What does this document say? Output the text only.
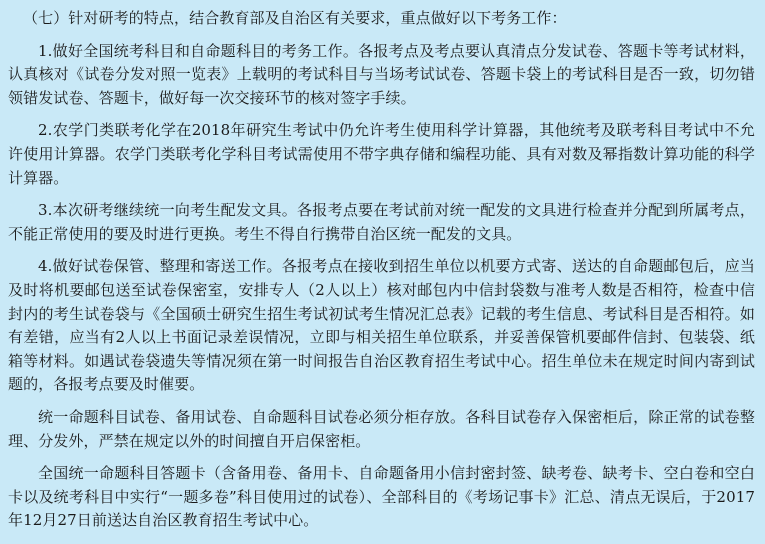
（七）针对研考的特点，结合教育部及自治区有关要求，重点做好以下考务工作：

1.做好全国统考科目和自命题科目的考务工作。各报考点及考点要认真清点分发试卷、答题卡等考试材料，认真核对《试卷分发对照一览表》上载明的考试科目与当场考试试卷、答题卡袋上的考试科目是否一致，切勿错领错发试卷、答题卡，做好每一次交接环节的核对签字手续。

2.农学门类联考化学在2018年研究生考试中仍允许考生使用科学计算器，其他统考及联考科目考试中不允许使用计算器。农学门类联考化学科目考试需使用不带字典存储和编程功能、具有对数及幂指数计算功能的科学计算器。

3.本次研考继续统一向考生配发文具。各报考点要在考试前对统一配发的文具进行检查并分配到所属考点，不能正常使用的要及时进行更换。考生不得自行携带自治区统一配发的文具。

4.做好试卷保管、整理和寄送工作。各报考点在接收到招生单位以机要方式寄、送达的自命题邮包后，应当及时将机要邮包送至试卷保密室，安排专人（2人以上）核对邮包内中信封袋数与准考人数是否相符，检查中信封内的考生试卷袋与《全国硕士研究生招生考试初试考生情况汇总表》记载的考生信息、考试科目是否相符。如有差错，应当有2人以上书面记录差误情况，立即与相关招生单位联系，并妥善保管机要邮件信封、包装袋、纸箱等材料。如遇试卷袋遗失等情况须在第一时间报告自治区教育招生考试中心。招生单位未在规定时间内寄到试题的，各报考点要及时催要。

统一命题科目试卷、备用试卷、自命题科目试卷必须分柜存放。各科目试卷存入保密柜后，除正常的试卷整理、分发外，严禁在规定以外的时间擅自开启保密柜。

全国统一命题科目答题卡（含备用卷、备用卡、自命题备用小信封密封签、缺考卷、缺考卡、空白卷和空白卡以及统考科目中实行“一题多卷”科目使用过的试卷）、全部科目的《考场记事卡》汇总、清点无误后，于2017年12月27日前送达自治区教育招生考试中心。
